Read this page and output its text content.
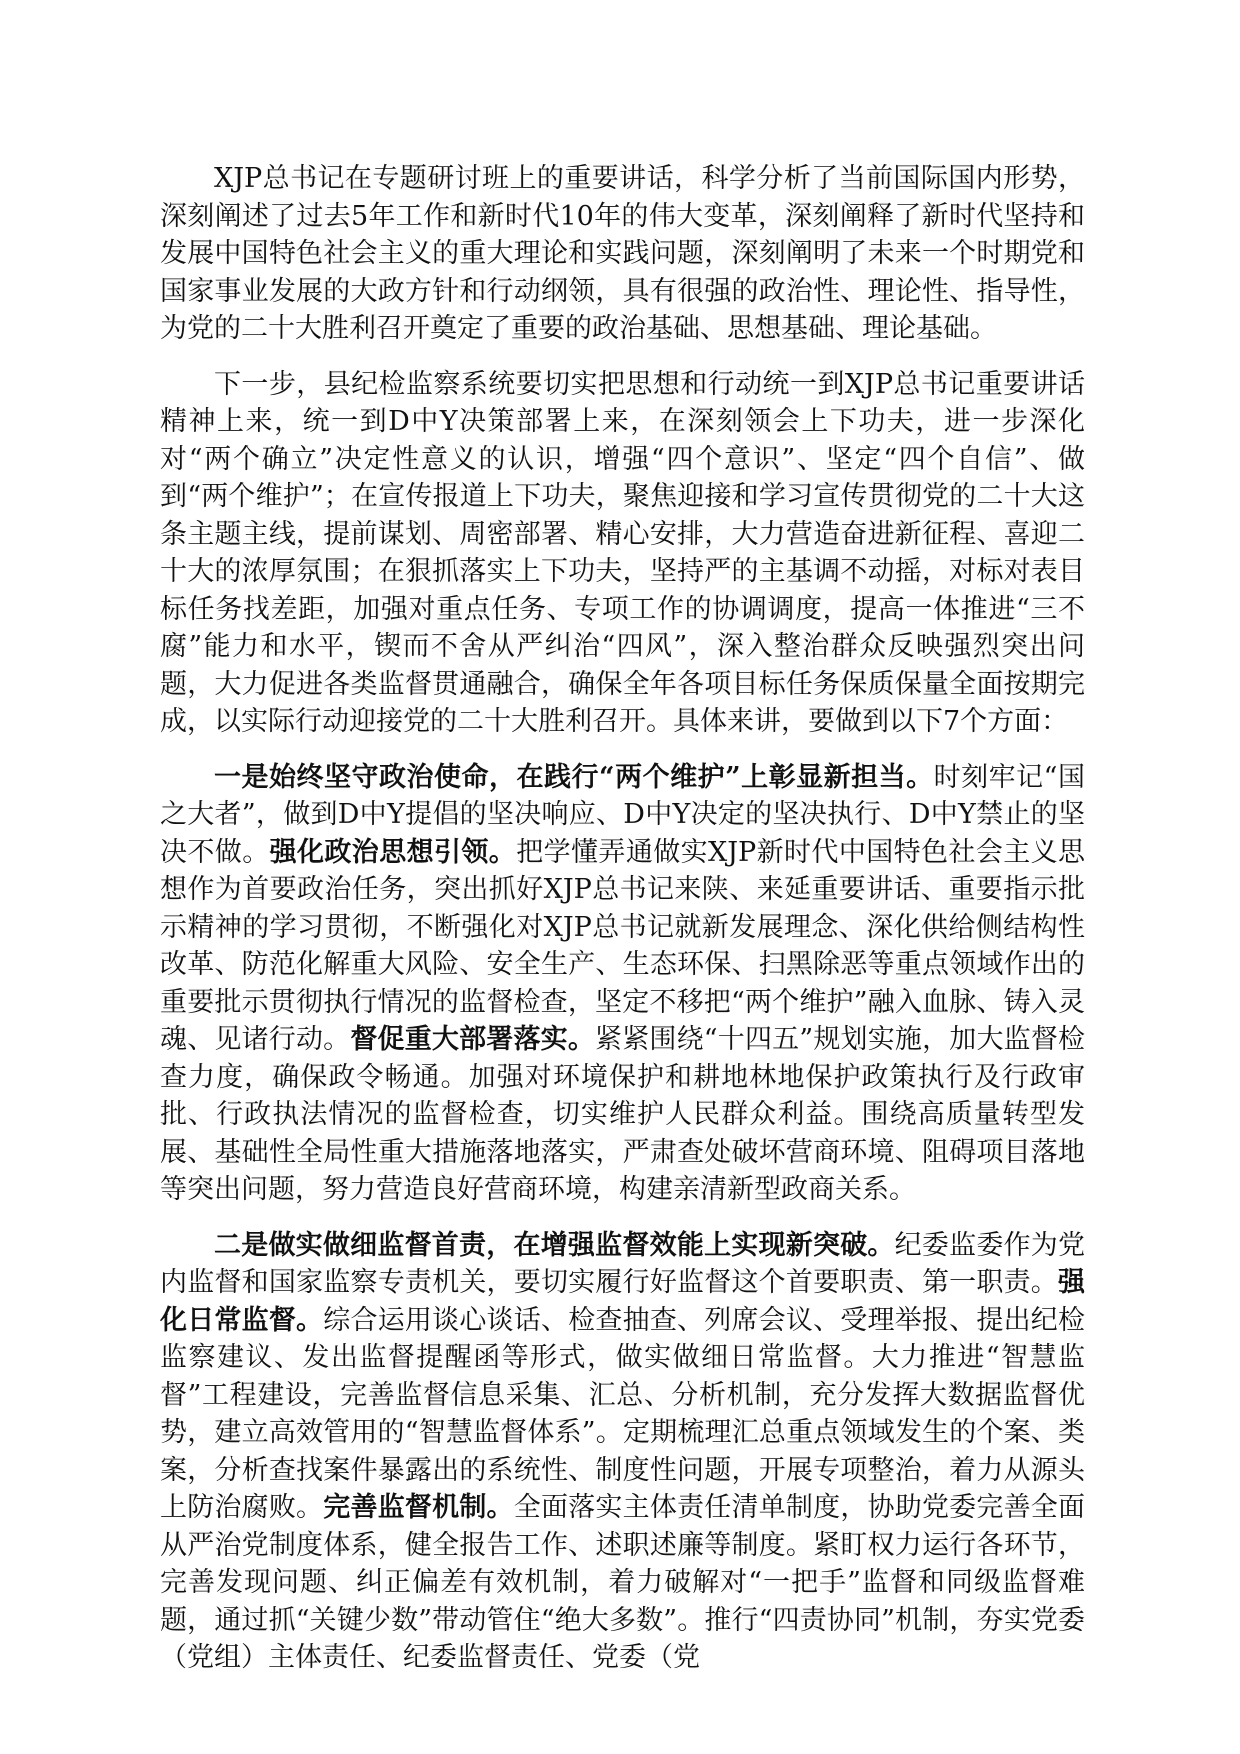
XJP总书记在专题研讨班上的重要讲话，科学分析了当前国际国内形势，深刻阐述了过去5年工作和新时代10年的伟大变革，深刻阐释了新时代坚持和发展中国特色社会主义的重大理论和实践问题，深刻阐明了未来一个时期党和国家事业发展的大政方针和行动纲领，具有很强的政治性、理论性、指导性，为党的二十大胜利召开奠定了重要的政治基础、思想基础、理论基础。

下一步，县纪检监察系统要切实把思想和行动统一到XJP总书记重要讲话精神上来，统一到D中Y决策部署上来，在深刻领会上下功夫，进一步深化对“两个确立”决定性意义的认识，增强“四个意识”、坚定“四个自信”、做到“两个维护”；在宣传报道上下功夫，聚焦迎接和学习宣传贯彻党的二十大这条主题主线，提前谋划、周密部署、精心安排，大力营造奋进新征程、喜迎二十大的浓厚氛围；在狠抓落实上下功夫，坚持严的主基调不动摇，对标对表目标任务找差距，加强对重点任务、专项工作的协调调度，提高一体推进“三不腐”能力和水平，锲而不舍从严纠治“四风”，深入整治群众反映强烈突出问题，大力促进各类监督贯通融合，确保全年各项目标任务保质保量全面按期完成，以实际行动迎接党的二十大胜利召开。具体来讲，要做到以下7个方面：

一是始终坚守政治使命，在践行“两个维护”上彰显新担当。时刻牢记“国之大者”，做到D中Y提倡的坚决响应、D中Y决定的坚决执行、D中Y禁止的坚决不做。强化政治思想引领。把学懂弄通做实XJP新时代中国特色社会主义思想作为首要政治任务，突出抓好XJP总书记来陕、来延重要讲话、重要指示批示精神的学习贯彻，不断强化对XJP总书记就新发展理念、深化供给侧结构性改革、防范化解重大风险、安全生产、生态环保、扫黑除恶等重点领域作出的重要批示贯彻执行情况的监督检查，坚定不移把“两个维护”融入血脉、铸入灵魂、见诸行动。督促重大部署落实。紧紧围绕“十四五”规划实施，加大监督检查力度，确保政令畅通。加强对环境保护和耕地林地保护政策执行及行政审批、行政执法情况的监督检查，切实维护人民群众利益。围绕高质量转型发展、基础性全局性重大措施落地落实，严肃查处破坏营商环境、阻碍项目落地等突出问题，努力营造良好营商环境，构建亲清新型政商关系。

二是做实做细监督首责，在增强监督效能上实现新突破。纪委监委作为党内监督和国家监察专责机关，要切实履行好监督这个首要职责、第一职责。强化日常监督。综合运用谈心谈话、检查抽查、列席会议、受理举报、提出纪检监察建议、发出监督提醒函等形式，做实做细日常监督。大力推进“智慧监督”工程建设，完善监督信息采集、汇总、分析机制，充分发挥大数据监督优势，建立高效管用的“智慧监督体系”。定期梳理汇总重点领域发生的个案、类案，分析查找案件暴露出的系统性、制度性问题，开展专项整治，着力从源头上防治腐败。完善监督机制。全面落实主体责任清单制度，协助党委完善全面从严治党制度体系，健全报告工作、述职述廉等制度。紧盯权力运行各环节，完善发现问题、纠正偏差有效机制，着力破解对“一把手”监督和同级监督难题，通过抓“关键少数”带动管住“绝大多数”。推行“四责协同”机制，夯实党委（党组）主体责任、纪委监督责任、党委（党
